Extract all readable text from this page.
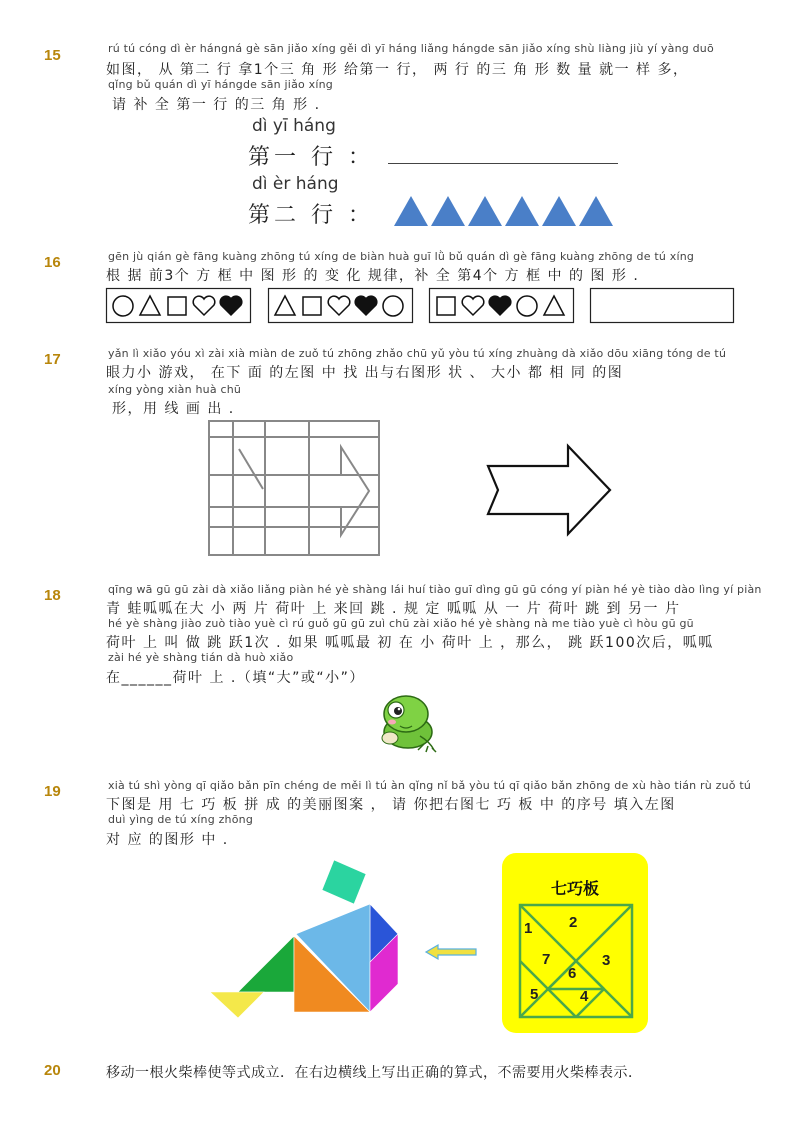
15	rú tú cóng dì èr hángná gè sān jiǎo xíng gěi dì yī háng liǎng hángde sān jiǎo xíng shù liàng jiù yí yàng duō
如图， 从 第二 行 拿1个三 角 形 给第一 行， 两 行 的三 角 形 数 量 就一 样 多，
qǐng bǔ quán dì yī hángde sān jiǎo xíng
请 补 全 第一 行 的三 角 形 .
dì yī háng
第一 行 ：
dì èr háng
第二 行 ：
16	gēn jù qián gè fāng kuàng zhōng tú xíng de biàn huà guī lǜ bǔ quán dì gè fāng kuàng zhōng de tú xíng
根 据 前3个 方 框 中 图 形 的 变 化 规律，补 全 第4个 方 框 中 的 图 形 .
17	yǎn lì xiǎo yóu xì zài xià miàn de zuǒ tú zhōng zhǎo chū yǔ yòu tú xíng zhuàng dà xiǎo dōu xiāng tóng de tú
眼力小 游戏， 在下 面 的左图 中 找 出与右图形 状 、 大小 都 相 同 的图
xíng yòng xiàn huà chū
形，用 线 画 出 .
18	qīng wā gū gū zài dà xiǎo liǎng piàn hé yè shàng lái huí tiào guī dìng gū gū cóng yí piàn hé yè tiào dào lìng yí piàn
青 蛙呱呱在大 小 两 片 荷叶 上 来回 跳 . 规 定 呱呱 从 一 片 荷叶 跳 到 另一 片
hé yè shàng jiào zuò tiào yuè cì rú guǒ gū gū zuì chū zài xiǎo hé yè shàng nà me tiào yuè cì hòu gū gū
荷叶 上 叫 做 跳 跃1次 . 如果 呱呱最 初 在 小 荷叶 上 ，那么， 跳 跃100次后，呱呱
zài hé yè shàng tián dà huò xiǎo
在______荷叶 上 .（填“大”或“小”）
19	xià tú shì yòng qī qiǎo bǎn pīn chéng de měi lì tú àn qǐng nǐ bǎ yòu tú qī qiǎo bǎn zhōng de xù hào tián rù zuǒ tú
下图是 用 七 巧 板 拼 成 的美丽图案 ， 请 你把右图七 巧 板 中 的序号 填入左图
duì yìng de tú xíng zhōng
对 应 的图形 中 .
七巧板
1 2
3
4
5
6
7
20	移动一根火柴棒使等式成立．在右边横线上写出正确的算式，不需要用火柴棒表示．
